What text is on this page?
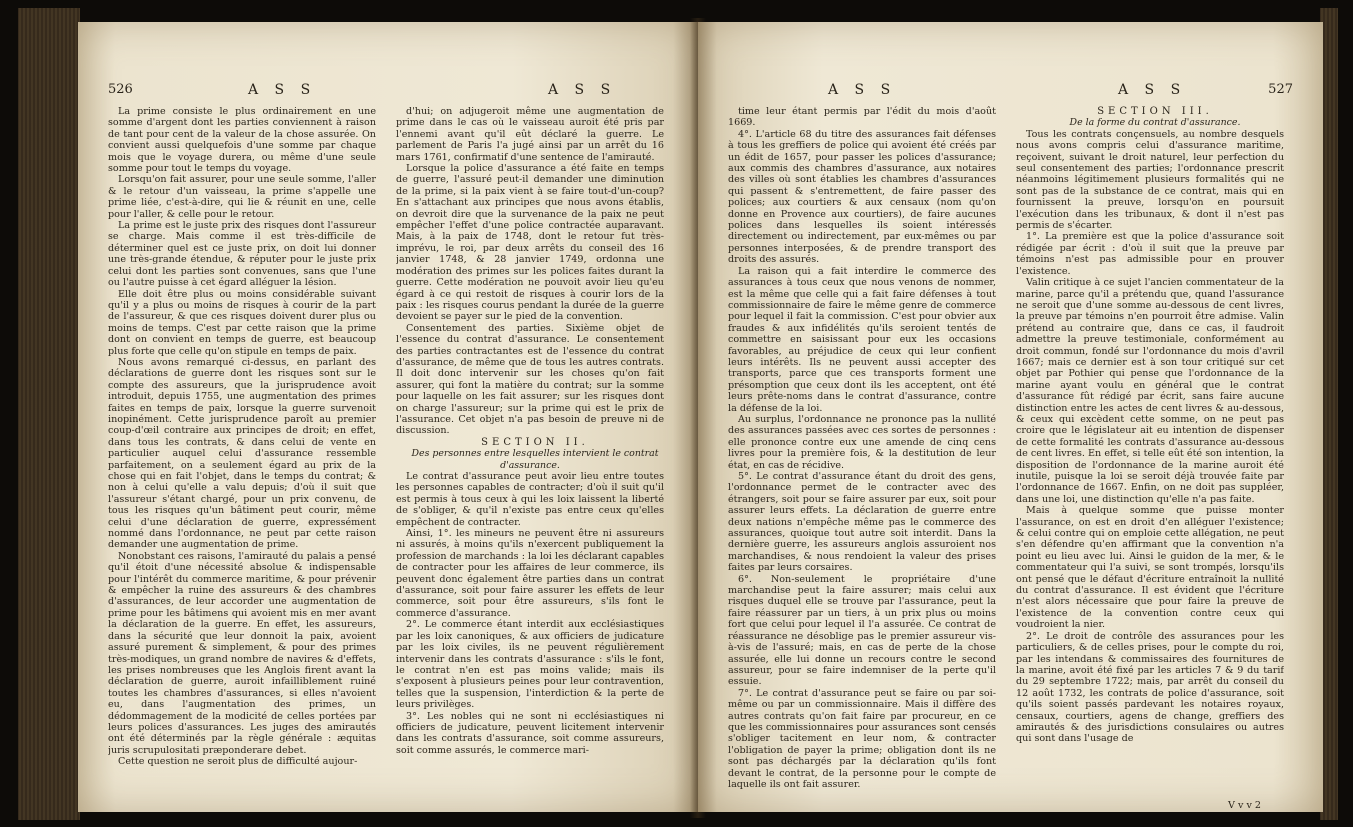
526	A S S	A S S

La prime consiste le plus ordinairement en une somme d'argent dont les parties conviennent à raison de tant pour cent de la valeur de la chose assurée. On convient aussi quelquefois d'une somme par chaque mois que le voyage durera, ou même d'une seule somme pour tout le temps du voyage.

Lorsqu'on fait assurer, pour une seule somme, l'aller & le retour d'un vaisseau, la prime s'appelle une prime liée, c'est-à-dire, qui lie & réunit en une, celle pour l'aller, & celle pour le retour.

La prime est le juste prix des risques dont l'assureur se charge. Mais comme il est très-difficile de déterminer quel est ce juste prix, on doit lui donner une très-grande étendue, & réputer pour le juste prix celui dont les parties sont convenues, sans que l'une ou l'autre puisse à cet égard alléguer la lésion.

Elle doit être plus ou moins considérable suivant qu'il y a plus ou moins de risques à courir de la part de l'assureur, & que ces risques doivent durer plus ou moins de temps. C'est par cette raison que la prime dont on convient en temps de guerre, est beaucoup plus forte que celle qu'on stipule en temps de paix.

Nous avons remarqué ci-dessus, en parlant des déclarations de guerre dont les risques sont sur le compte des assureurs, que la jurisprudence avoit introduit, depuis 1755, une augmentation des primes faites en temps de paix, lorsque la guerre survenoit inopinément. Cette jurisprudence paroît au premier coup-d'œil contraire aux principes de droit; en effet, dans tous les contrats, & dans celui de vente en particulier auquel celui d'assurance ressemble parfaitement, on a seulement égard au prix de la chose qui en fait l'objet, dans le temps du contrat; & non à celui qu'elle a valu depuis; d'où il suit que l'assureur s'étant chargé, pour un prix convenu, de tous les risques qu'un bâtiment peut courir, même celui d'une déclaration de guerre, expressément nommé dans l'ordonnance, ne peut par cette raison demander une augmentation de prime.

Nonobstant ces raisons, l'amirauté du palais a pensé qu'il étoit d'une nécessité absolue & indispensable pour l'intérêt du commerce maritime, & pour prévenir & empêcher la ruine des assureurs & des chambres d'assurances, de leur accorder une augmentation de prime pour les bâtimens qui avoient mis en mer avant la déclaration de la guerre. En effet, les assureurs, dans la sécurité que leur donnoit la paix, avoient assuré purement & simplement, & pour des primes très-modiques, un grand nombre de navires & d'effets, les prises nombreuses que les Anglois firent avant la déclaration de guerre, auroit infailliblement ruiné toutes les chambres d'assurances, si elles n'avoient eu, dans l'augmentation des primes, un dédommagement de la modicité de celles portées par leurs polices d'assurances. Les juges des amirautés ont été déterminés par la règle générale : æquitas juris scrupulositati præponderare debet.

Cette question ne seroit plus de difficulté aujour-

d'hui; on adjugeroit même une augmentation de prime dans le cas où le vaisseau auroit été pris par l'ennemi avant qu'il eût déclaré la guerre. Le parlement de Paris l'a jugé ainsi par un arrêt du 16 mars 1761, confirmatif d'une sentence de l'amirauté.

Lorsque la police d'assurance a été faite en temps de guerre, l'assuré peut-il demander une diminution de la prime, si la paix vient à se faire tout-d'un-coup? En s'attachant aux principes que nous avons établis, on devroit dire que la survenance de la paix ne peut empêcher l'effet d'une police contractée auparavant. Mais, à la paix de 1748, dont le retour fut très-imprévu, le roi, par deux arrêts du conseil des 16 janvier 1748, & 28 janvier 1749, ordonna une modération des primes sur les polices faites durant la guerre. Cette modération ne pouvoit avoir lieu qu'eu égard à ce qui restoit de risques à courir lors de la paix : les risques courus pendant la durée de la guerre devoient se payer sur le pied de la convention.

Consentement des parties. Sixième objet de l'essence du contrat d'assurance. Le consentement des parties contractantes est de l'essence du contrat d'assurance, de même que de tous les autres contrats. Il doit donc intervenir sur les choses qu'on fait assurer, qui font la matière du contrat; sur la somme pour laquelle on les fait assurer; sur les risques dont on charge l'assureur; sur la prime qui est le prix de l'assurance. Cet objet n'a pas besoin de preuve ni de discussion.

SECTION II.

Des personnes entre lesquelles intervient le contrat d'assurance.

Le contrat d'assurance peut avoir lieu entre toutes les personnes capables de contracter; d'où il suit qu'il est permis à tous ceux à qui les loix laissent la liberté de s'obliger, & qu'il n'existe pas entre ceux qu'elles empêchent de contracter.

Ainsi, 1°. les mineurs ne peuvent être ni assureurs ni assurés, à moins qu'ils n'exercent publiquement la profession de marchands : la loi les déclarant capables de contracter pour les affaires de leur commerce, ils peuvent donc également être parties dans un contrat d'assurance, soit pour faire assurer les effets de leur commerce, soit pour être assureurs, s'ils font le commerce d'assurance.

2°. Le commerce étant interdit aux ecclésiastiques par les loix canoniques, & aux officiers de judicature par les loix civiles, ils ne peuvent régulièrement intervenir dans les contrats d'assurance : s'ils le font, le contrat n'en est pas moins valide; mais ils s'exposent à plusieurs peines pour leur contravention, telles que la suspension, l'interdiction & la perte de leurs privilèges.

3°. Les nobles qui ne sont ni ecclésiastiques ni officiers de judicature, peuvent licitement intervenir dans les contrats d'assurance, soit comme assureurs, soit comme assurés, le commerce mari-

A S S	A S S	527

time leur étant permis par l'édit du mois d'août 1669.

4°. L'article 68 du titre des assurances fait défenses à tous les greffiers de police qui avoient été créés par un édit de 1657, pour passer les polices d'assurance; aux commis des chambres d'assurance, aux notaires des villes où sont établies les chambres d'assurances qui passent & s'entremettent, de faire passer des polices; aux courtiers & aux censaux (nom qu'on donne en Provence aux courtiers), de faire aucunes polices dans lesquelles ils soient intéressés directement ou indirectement, par eux-mêmes ou par personnes interposées, & de prendre transport des droits des assurés.

La raison qui a fait interdire le commerce des assurances à tous ceux que nous venons de nommer, est la même que celle qui a fait faire défenses à tout commissionnaire de faire le même genre de commerce pour lequel il fait la commission. C'est pour obvier aux fraudes & aux infidélités qu'ils seroient tentés de commettre en saisissant pour eux les occasions favorables, au préjudice de ceux qui leur confient leurs intérêts. Ils ne peuvent aussi accepter des transports, parce que ces transports forment une présomption que ceux dont ils les acceptent, ont été leurs prête-noms dans le contrat d'assurance, contre la défense de la loi.

Au surplus, l'ordonnance ne prononce pas la nullité des assurances passées avec ces sortes de personnes : elle prononce contre eux une amende de cinq cens livres pour la première fois, & la destitution de leur état, en cas de récidive.

5°. Le contrat d'assurance étant du droit des gens, l'ordonnance permet de le contracter avec des étrangers, soit pour se faire assurer par eux, soit pour assurer leurs effets. La déclaration de guerre entre deux nations n'empêche même pas le commerce des assurances, quoique tout autre soit interdit. Dans la dernière guerre, les assureurs anglois assuroient nos marchandises, & nous rendoient la valeur des prises faites par leurs corsaires.

6°. Non-seulement le propriétaire d'une marchandise peut la faire assurer; mais celui aux risques duquel elle se trouve par l'assurance, peut la faire réassurer par un tiers, à un prix plus ou moins fort que celui pour lequel il l'a assurée. Ce contrat de réassurance ne désoblige pas le premier assureur vis-à-vis de l'assuré; mais, en cas de perte de la chose assurée, elle lui donne un recours contre le second assureur, pour se faire indemniser de la perte qu'il essuie.

7°. Le contrat d'assurance peut se faire ou par soi-même ou par un commissionnaire. Mais il diffère des autres contrats qu'on fait faire par procureur, en ce que les commissionnaires pour assurances sont censés s'obliger tacitement en leur nom, & contracter l'obligation de payer la prime; obligation dont ils ne sont pas déchargés par la déclaration qu'ils font devant le contrat, de la personne pour le compte de laquelle ils ont fait assurer.

SECTION III.

De la forme du contrat d'assurance.

Tous les contrats conçensuels, au nombre desquels nous avons compris celui d'assurance maritime, reçoivent, suivant le droit naturel, leur perfection du seul consentement des parties; l'ordonnance prescrit néanmoins légitimement plusieurs formalités qui ne sont pas de la substance de ce contrat, mais qui en fournissent la preuve, lorsqu'on en poursuit l'exécution dans les tribunaux, & dont il n'est pas permis de s'écarter.

1°. La première est que la police d'assurance soit rédigée par écrit : d'où il suit que la preuve par témoins n'est pas admissible pour en prouver l'existence.

Valin critique à ce sujet l'ancien commentateur de la marine, parce qu'il a prétendu que, quand l'assurance ne seroit que d'une somme au-dessous de cent livres, la preuve par témoins n'en pourroit être admise. Valin prétend au contraire que, dans ce cas, il faudroit admettre la preuve testimoniale, conformément au droit commun, fondé sur l'ordonnance du mois d'avril 1667; mais ce dernier est à son tour critiqué sur cet objet par Pothier qui pense que l'ordonnance de la marine ayant voulu en général que le contrat d'assurance fût rédigé par écrit, sans faire aucune distinction entre les actes de cent livres & au-dessous, & ceux qui excèdent cette somme, on ne peut pas croire que le législateur ait eu intention de dispenser de cette formalité les contrats d'assurance au-dessous de cent livres. En effet, si telle eût été son intention, la disposition de l'ordonnance de la marine auroit été inutile, puisque la loi se seroit déjà trouvée faite par l'ordonnance de 1667. Enfin, on ne doit pas suppléer, dans une loi, une distinction qu'elle n'a pas faite.

Mais à quelque somme que puisse monter l'assurance, on est en droit d'en alléguer l'existence; & celui contre qui on emploie cette allégation, ne peut s'en défendre qu'en affirmant que la convention n'a point eu lieu avec lui. Ainsi le guidon de la mer, & le commentateur qui l'a suivi, se sont trompés, lorsqu'ils ont pensé que le défaut d'écriture entraînoit la nullité du contrat d'assurance. Il est évident que l'écriture n'est alors nécessaire que pour faire la preuve de l'existence de la convention contre ceux qui voudroient la nier.

2°. Le droit de contrôle des assurances pour les particuliers, & de celles prises, pour le compte du roi, par les intendans & commissaires des fournitures de la marine, avoit été fixé par les articles 7 & 9 du tarif du 29 septembre 1722; mais, par arrêt du conseil du 12 août 1732, les contrats de police d'assurance, soit qu'ils soient passés pardevant les notaires royaux, censaux, courtiers, agens de change, greffiers des amirautés & des jurisdictions consulaires ou autres qui sont dans l'usage de

V v v 2
